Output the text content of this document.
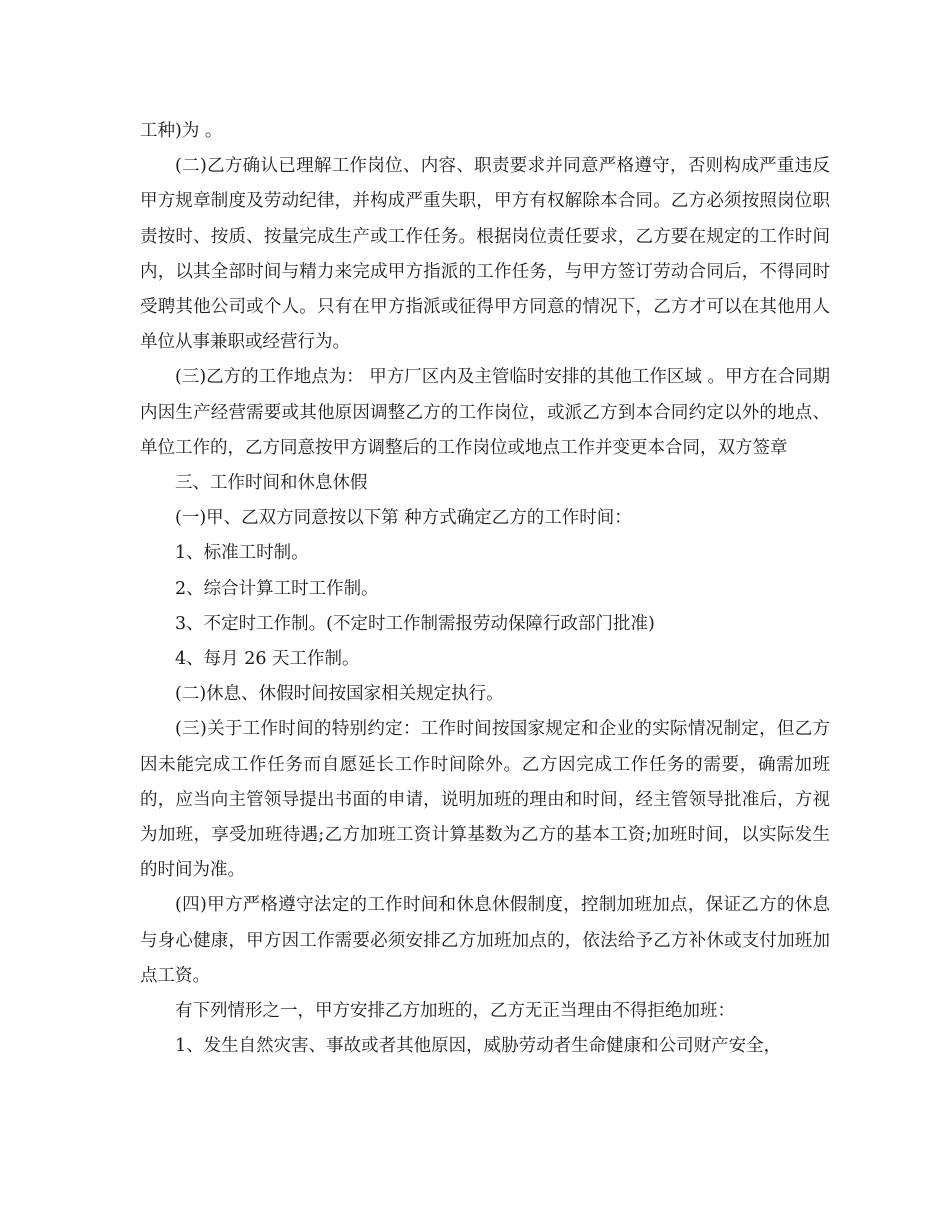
工种)为 。

(二)乙方确认已理解工作岗位、内容、职责要求并同意严格遵守，否则构成严重违反甲方规章制度及劳动纪律，并构成严重失职，甲方有权解除本合同。乙方必须按照岗位职责按时、按质、按量完成生产或工作任务。根据岗位责任要求，乙方要在规定的工作时间内，以其全部时间与精力来完成甲方指派的工作任务，与甲方签订劳动合同后，不得同时受聘其他公司或个人。只有在甲方指派或征得甲方同意的情况下，乙方才可以在其他用人单位从事兼职或经营行为。

(三)乙方的工作地点为： 甲方厂区内及主管临时安排的其他工作区域 。甲方在合同期内因生产经营需要或其他原因调整乙方的工作岗位，或派乙方到本合同约定以外的地点、单位工作的，乙方同意按甲方调整后的工作岗位或地点工作并变更本合同，双方签章

三、工作时间和休息休假

(一)甲、乙双方同意按以下第 种方式确定乙方的工作时间：

1、标准工时制。

2、综合计算工时工作制。

3、不定时工作制。(不定时工作制需报劳动保障行政部门批准)

4、每月 26 天工作制。

(二)休息、休假时间按国家相关规定执行。

(三)关于工作时间的特别约定：工作时间按国家规定和企业的实际情况制定，但乙方因未能完成工作任务而自愿延长工作时间除外。乙方因完成工作任务的需要，确需加班的，应当向主管领导提出书面的申请，说明加班的理由和时间，经主管领导批准后，方视为加班，享受加班待遇;乙方加班工资计算基数为乙方的基本工资;加班时间，以实际发生的时间为准。

(四)甲方严格遵守法定的工作时间和休息休假制度，控制加班加点，保证乙方的休息与身心健康，甲方因工作需要必须安排乙方加班加点的，依法给予乙方补休或支付加班加点工资。

有下列情形之一，甲方安排乙方加班的，乙方无正当理由不得拒绝加班：

1、发生自然灾害、事故或者其他原因，威胁劳动者生命健康和公司财产安全，
